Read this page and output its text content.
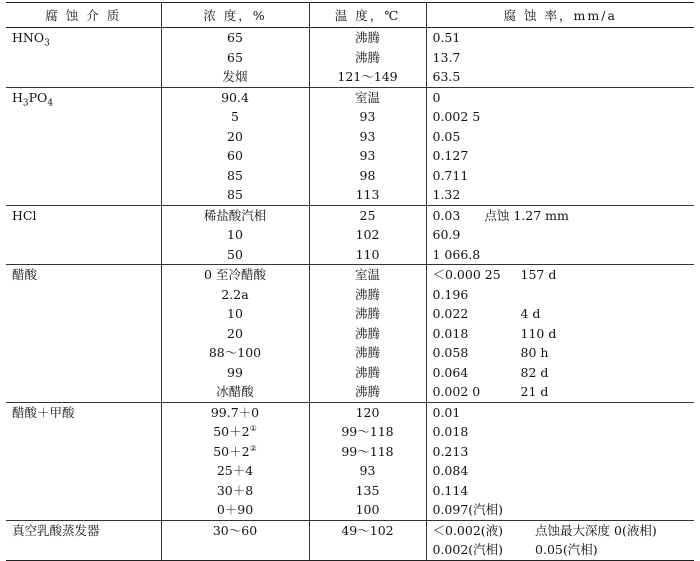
腐 蚀 介 质	浓 度，%	温 度，℃	腐 蚀 率，mm/a
$HNO_3$	65	沸腾	0.51
	65	沸腾	13.7
	发烟	121～149	63.5
$H_3PO_4$	90.4	室温	0
	5	93	0.002 5
	20	93	0.05
	60	93	0.127
	85	98	0.711
	85	113	1.32
HCl	稀盐酸汽相	25	0.03 点蚀 1.27 mm
	10	102	60.9
	50	110	1 066.8
醋酸	0 至冷醋酸	室温	＜0.000 25 157 d
	2.2a	沸腾	0.196
	10	沸腾	0.022 4 d
	20	沸腾	0.018 110 d
	88～100	沸腾	0.058 80 h
	99	沸腾	0.064 82 d
	冰醋酸	沸腾	0.002 0 21 d
醋酸＋甲酸	99.7＋0	120	0.01
	50＋2①	99～118	0.018
	50＋2②	99～118	0.213
	25＋4	93	0.084
	30＋8	135	0.114
	0＋90	100	0.097(汽相)
真空乳酸蒸发器	30～60	49～102	＜0.002(液) 点蚀最大深度 0(液相)
			0.002(汽相) 0.05(汽相)
